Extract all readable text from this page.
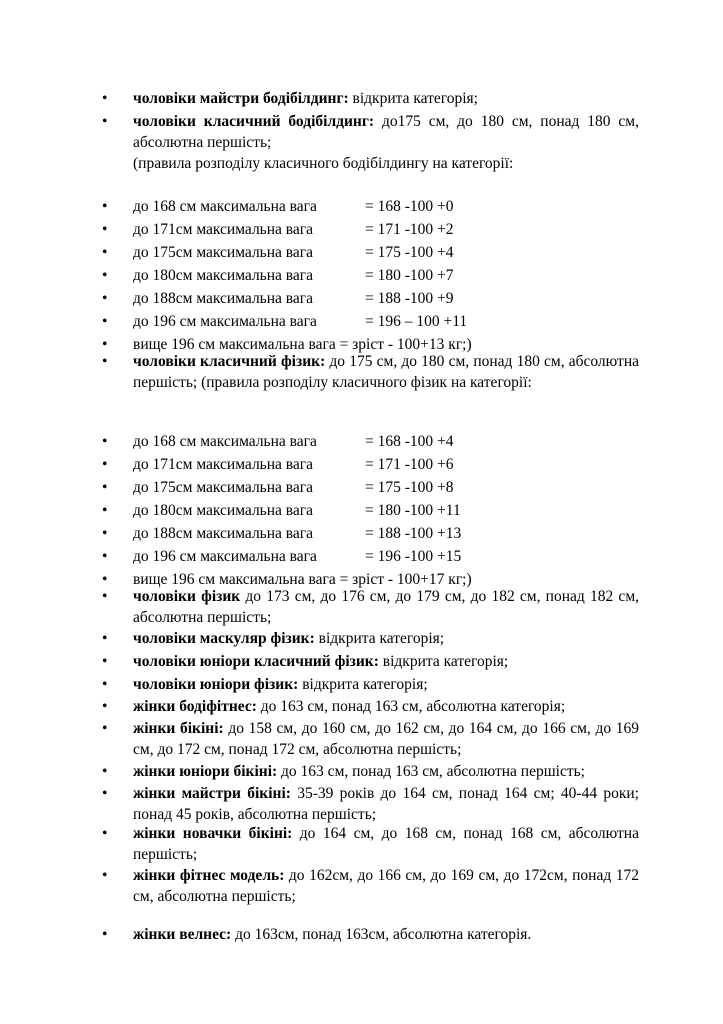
• чоловіки майстри бодібілдинг: відкрита категорія;
• чоловіки класичний бодібілдинг: до175 см, до 180 см, понад 180 см, абсолютна першість;
(правила розподілу класичного бодібілдингу на категорії:
до 168 см максимальна вага	= 168 -100 +0
до 171см максимальна вага	= 171 -100 +2
до 175см максимальна вага	= 175 -100 +4
до 180см максимальна вага	= 180 -100 +7
до 188см максимальна вага	= 188 -100 +9
до 196 см максимальна вага	= 196 – 100 +11
вище 196 см максимальна вага = зріст - 100+13 кг;)
• чоловіки класичний фізик: до 175 см, до 180 см, понад 180 см, абсолютна першість; (правила розподілу класичного фізик на категорії:
до 168 см максимальна вага	= 168 -100 +4
до 171см максимальна вага	= 171 -100 +6
до 175см максимальна вага	= 175 -100 +8
до 180см максимальна вага	= 180 -100 +11
до 188см максимальна вага	= 188 -100 +13
до 196 см максимальна вага	= 196 -100 +15
вище 196 см максимальна вага = зріст - 100+17 кг;)
• чоловіки фізик до 173 см, до 176 см, до 179 см, до 182 см, понад 182 см, абсолютна першість;
• чоловіки маскуляр фізик: відкрита категорія;
• чоловіки юніори класичний фізик: відкрита категорія;
• чоловіки юніори фізик: відкрита категорія;
• жінки бодіфітнес: до 163 см, понад 163 см, абсолютна категорія;
• жінки бікіні: до 158 см, до 160 см, до 162 см, до 164 см, до 166 см, до 169 см, до 172 см, понад 172 см, абсолютна першість;
• жінки юніори бікіні: до 163 см, понад 163 см, абсолютна першість;
• жінки майстри бікіні: 35-39 років до 164 см, понад 164 см; 40-44 роки; понад 45 років, абсолютна першість;
• жінки новачки бікіні: до 164 см, до 168 см, понад 168 см, абсолютна першість;
• жінки фітнес модель: до 162см, до 166 см, до 169 см, до 172см, понад 172 см, абсолютна першість;
• жінки велнес: до 163см, понад 163см, абсолютна категорія.
